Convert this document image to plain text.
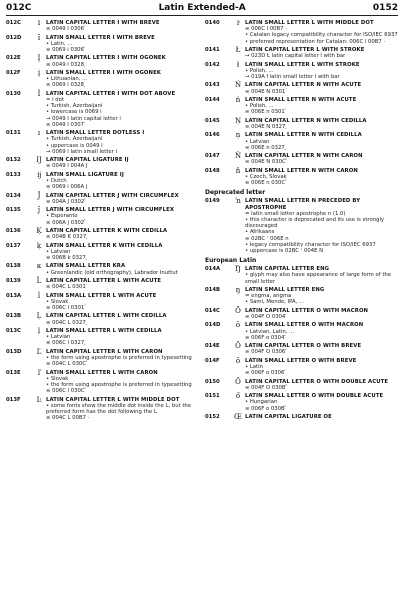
012C	Latin Extended-A	0152
012C	Ĭ	LATIN CAPITAL LETTER I WITH BREVE
≡ 0049 I 0306 ̆
012D	ĭ	LATIN SMALL LETTER I WITH BREVE
• Latin, ...
≡ 0069 i 0306 ̆
012E	Į	LATIN CAPITAL LETTER I WITH OGONEK
≡ 0049 I 0328 ̨
012F	į	LATIN SMALL LETTER I WITH OGONEK
• Lithuanian, ...
≡ 0069 i 0328 ̨
0130	İ	LATIN CAPITAL LETTER I WITH DOT ABOVE
= i dot
• Turkish, Azerbaijani
• lowercase is 0069 i
→ 0049 I latin capital letter i
≡ 0049 I 0307 ̇
0131	ı	LATIN SMALL LETTER DOTLESS I
• Turkish, Azerbaijani
• uppercase is 0049 I
→ 0069 i latin small letter i
0132	Ĳ LATIN CAPITAL LIGATURE IJ
≡ 0049 I 004A J
0133	ĳ LATIN SMALL LIGATURE IJ
• Dutch
≡ 0069 i 006A j
0134	Ĵ	LATIN CAPITAL LETTER J WITH CIRCUMFLEX
≡ 004A J 0302 ̂
0135	ĵ	LATIN SMALL LETTER J WITH CIRCUMFLEX
• Esperanto
≡ 006A j 0302 ̂
0136	Ķ LATIN CAPITAL LETTER K WITH CEDILLA
≡ 004B K 0327 ̧
0137	ķ LATIN SMALL LETTER K WITH CEDILLA
• Latvian
≡ 006B k 0327 ̧
0138	ĸ LATIN SMALL LETTER KRA
• Greenlandic (old orthography), Labrador Inuttut
0139	Ĺ LATIN CAPITAL LETTER L WITH ACUTE
≡ 004C L 0301 ́
013A	ĺ	LATIN SMALL LETTER L WITH ACUTE
• Slovak
≡ 006C l 0301 ́
013B	Ļ LATIN CAPITAL LETTER L WITH CEDILLA
≡ 004C L 0327 ̧
013C	ļ	LATIN SMALL LETTER L WITH CEDILLA
• Latvian
≡ 006C l 0327 ̧
013D	Ľ LATIN CAPITAL LETTER L WITH CARON
• the form using apostrophe is preferred in typesetting
≡ 004C L 030C ̌
013E	ľ	LATIN SMALL LETTER L WITH CARON
• Slovak
• the form using apostrophe is preferred in typesetting
≡ 006C l 030C ̌
013F	Ŀ LATIN CAPITAL LETTER L WITH MIDDLE DOT
• some fonts show the middle dot inside the L, but the preferred form has the dot following the L
≡ 004C L 00B7 ·
0140	ŀ	LATIN SMALL LETTER L WITH MIDDLE DOT
≡ 006C l 00B7 ·
• Catalan legacy compatibility character for ISO/IEC 6937
• preferred representation for Catalan: 006C l 00B7 ·
0141	Ł LATIN CAPITAL LETTER L WITH STROKE
→ 023D Ƚ latin capital letter l with bar
0142	ł	LATIN SMALL LETTER L WITH STROKE
• Polish, ...
→ 019A ƚ latin small letter l with bar
0143	Ń LATIN CAPITAL LETTER N WITH ACUTE
≡ 004E N 0301 ́
0144	ń LATIN SMALL LETTER N WITH ACUTE
• Polish, ...
≡ 006E n 0301 ́
0145	Ņ LATIN CAPITAL LETTER N WITH CEDILLA
≡ 004E N 0327 ̧
0146	ņ LATIN SMALL LETTER N WITH CEDILLA
• Latvian
≡ 006E n 0327 ̧
0147	Ň LATIN CAPITAL LETTER N WITH CARON
≡ 004E N 030C ̌
0148	ň LATIN SMALL LETTER N WITH CARON
• Czech, Slovak
≡ 006E n 030C ̌
Deprecated letter
0149	ŉ LATIN SMALL LETTER N PRECEDED BY APOSTROPHE
= latin small letter apostrophe n (1.0)
• this character is deprecated and its use is strongly discouraged
• Afrikaans
≡ 02BC ʼ 006E n
• legacy compatibility character for ISO/IEC 6937
• uppercase is 02BC ʼ 004E N
European Latin
014A	Ŋ LATIN CAPITAL LETTER ENG
• glyph may also have appearance of large form of the small letter
014B	ŋ LATIN SMALL LETTER ENG
= engma, angma
• Sami, Mende, IPA, ...
014C	Ō LATIN CAPITAL LETTER O WITH MACRON
≡ 004F O 0304 ̄
014D	ō LATIN SMALL LETTER O WITH MACRON
• Latvian, Latin, ...
≡ 006F o 0304 ̄
014E	Ŏ LATIN CAPITAL LETTER O WITH BREVE
≡ 004F O 0306 ̆
014F	ŏ LATIN SMALL LETTER O WITH BREVE
• Latin
≡ 006F o 0306 ̆
0150	Ő LATIN CAPITAL LETTER O WITH DOUBLE ACUTE
≡ 004F O 030B ̋
0151	ő LATIN SMALL LETTER O WITH DOUBLE ACUTE
• Hungarian
≡ 006F o 030B ̋
0152	Œ LATIN CAPITAL LIGATURE OE
